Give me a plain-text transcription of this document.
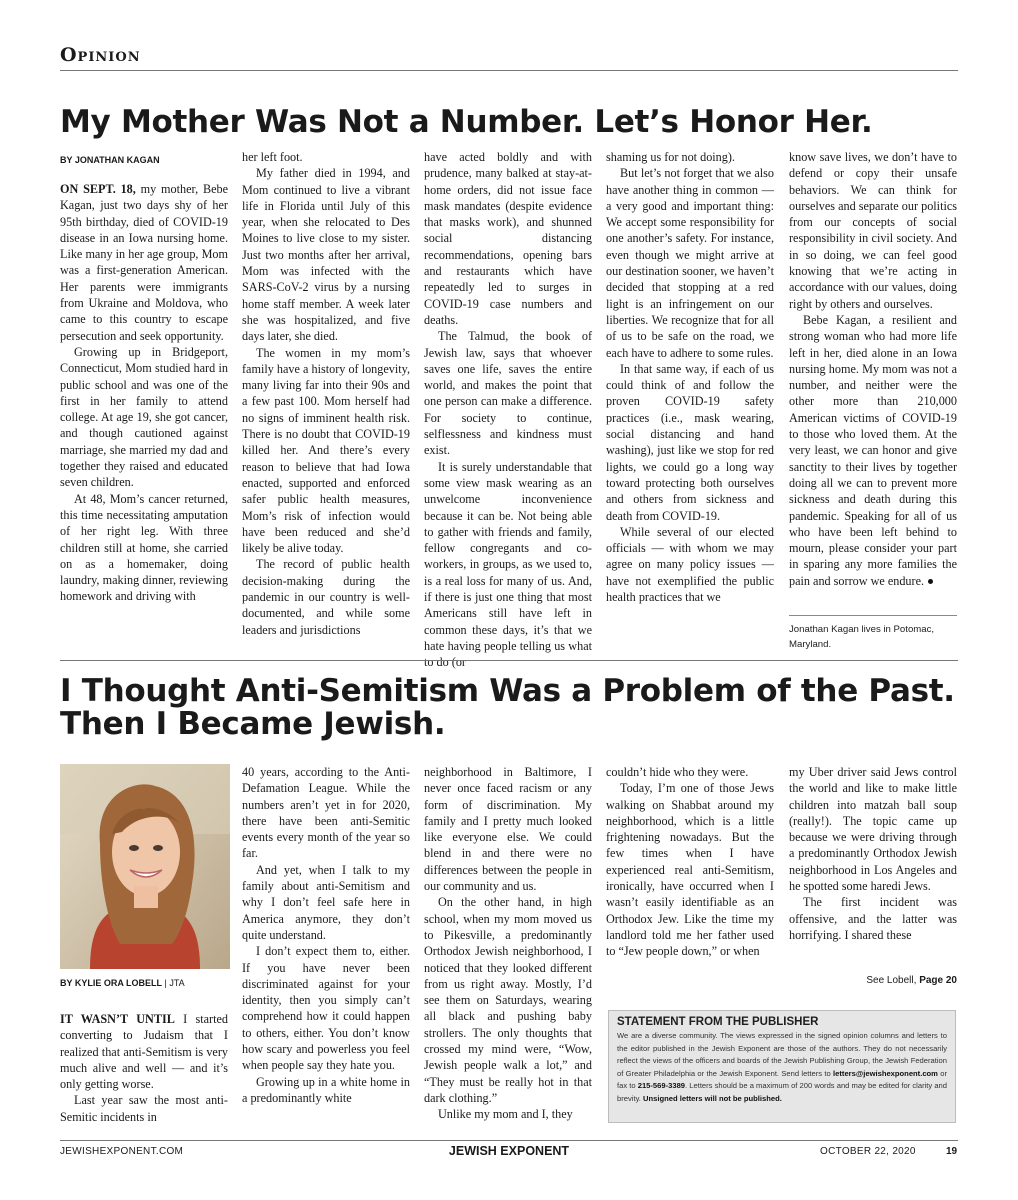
Opinion
My Mother Was Not a Number. Let’s Honor Her.
BY JONATHAN KAGAN

ON SEPT. 18, my mother, Bebe Kagan, just two days shy of her 95th birthday, died of COVID-19 disease in an Iowa nursing home. Like many in her age group, Mom was a first-generation American. Her parents were immigrants from Ukraine and Moldova, who came to this country to escape persecution and seek opportunity.

Growing up in Bridgeport, Connecticut, Mom studied hard in public school and was one of the first in her family to attend college. At age 19, she got cancer, and though cautioned against marriage, she married my dad and together they raised and educated seven children.

At 48, Mom’s cancer returned, this time necessitating amputation of her right leg. With three children still at home, she carried on as a homemaker, doing laundry, making dinner, reviewing homework and driving with

her left foot.

My father died in 1994, and Mom continued to live a vibrant life in Florida until July of this year, when she relocated to Des Moines to live close to my sister. Just two months after her arrival, Mom was infected with the SARS-CoV-2 virus by a nursing home staff member. A week later she was hospitalized, and five days later, she died.

The women in my mom’s family have a history of longevity, many living far into their 90s and a few past 100. Mom herself had no signs of imminent health risk. There is no doubt that COVID-19 killed her. And there’s every reason to believe that had Iowa enacted, supported and enforced safer public health measures, Mom’s risk of infection would have been reduced and she’d likely be alive today.

The record of public health decision-making during the pandemic in our country is well-documented, and while some leaders and jurisdictions

have acted boldly and with prudence, many balked at stay-at-home orders, did not issue face mask mandates (despite evidence that masks work), and shunned social distancing recommendations, opening bars and restaurants which have repeatedly led to surges in COVID-19 case numbers and deaths.

The Talmud, the book of Jewish law, says that whoever saves one life, saves the entire world, and makes the point that one person can make a difference. For society to continue, selflessness and kindness must exist.

It is surely understandable that some view mask wearing as an unwelcome inconvenience because it can be. Not being able to gather with friends and family, fellow congregants and co-workers, in groups, as we used to, is a real loss for many of us. And, if there is just one thing that most Americans still have left in common these days, it’s that we hate having people telling us what to do (or

shaming us for not doing).

But let’s not forget that we also have another thing in common — a very good and important thing: We accept some responsibility for one another’s safety. For instance, even though we might arrive at our destination sooner, we haven’t decided that stopping at a red light is an infringement on our liberties. We recognize that for all of us to be safe on the road, we each have to adhere to some rules.

In that same way, if each of us could think of and follow the proven COVID-19 safety practices (i.e., mask wearing, social distancing and hand washing), just like we stop for red lights, we could go a long way toward protecting both ourselves and others from sickness and death from COVID-19.

While several of our elected officials — with whom we may agree on many policy issues — have not exemplified the public health practices that we

know save lives, we don’t have to defend or copy their unsafe behaviors. We can think for ourselves and separate our politics from our concepts of social responsibility in civil society. And in so doing, we can feel good knowing that we’re acting in accordance with our values, doing right by others and ourselves.

Bebe Kagan, a resilient and strong woman who had more life left in her, died alone in an Iowa nursing home. My mom was not a number, and neither were the other more than 210,000 American victims of COVID-19 to those who loved them. At the very least, we can honor and give sanctity to their lives by together doing all we can to prevent more sickness and death during this pandemic. Speaking for all of us who have been left behind to mourn, please consider your part in sparing any more families the pain and sorrow we endure.

Jonathan Kagan lives in Potomac, Maryland.
I Thought Anti-Semitism Was a Problem of the Past.
Then I Became Jewish.
BY KYLIE ORA LOBELL | JTA

IT WASN’T UNTIL I started converting to Judaism that I realized that anti-Semitism is very much alive and well — and it’s only getting worse.

Last year saw the most anti-Semitic incidents in

40 years, according to the Anti-Defamation League. While the numbers aren’t yet in for 2020, there have been anti-Semitic events every month of the year so far.

And yet, when I talk to my family about anti-Semitism and why I don’t feel safe here in America anymore, they don’t quite understand.

I don’t expect them to, either. If you have never been discriminated against for your identity, then you simply can’t comprehend how it could happen to others, either. You don’t know how scary and powerless you feel when people say they hate you.

Growing up in a white home in a predominantly white

neighborhood in Baltimore, I never once faced racism or any form of discrimination. My family and I pretty much looked like everyone else. We could blend in and there were no differences between the people in our community and us.

On the other hand, in high school, when my mom moved us to Pikesville, a predominantly Orthodox Jewish neighborhood, I noticed that they looked different from us right away. Mostly, I’d see them on Saturdays, wearing all black and pushing baby strollers. The only thoughts that crossed my mind were, “Wow, Jewish people walk a lot,” and “They must be really hot in that dark clothing.”

Unlike my mom and I, they

couldn’t hide who they were.

Today, I’m one of those Jews walking on Shabbat around my neighborhood, which is a little frightening nowadays. But the few times when I have experienced real anti-Semitism, ironically, have occurred when I wasn’t easily identifiable as an Orthodox Jew. Like the time my landlord told me her father used to “Jew people down,” or when

my Uber driver said Jews control the world and like to make little children into matzah ball soup (really!). The topic came up because we were driving through a predominantly Orthodox Jewish neighborhood in Los Angeles and he spotted some haredi Jews.

The first incident was offensive, and the latter was horrifying. I shared these

See Lobell, Page 20
STATEMENT FROM THE PUBLISHER
We are a diverse community. The views expressed in the signed opinion columns and letters to the editor published in the Jewish Exponent are those of the authors. They do not necessarily reflect the views of the officers and boards of the Jewish Publishing Group, the Jewish Federation of Greater Philadelphia or the Jewish Exponent. Send letters to letters@jewishexponent.com or fax to 215-569-3389. Letters should be a maximum of 200 words and may be edited for clarity and brevity. Unsigned letters will not be published.
JEWISHEXPONENT.COM	JEWISH EXPONENT	OCTOBER 22, 2020	19
